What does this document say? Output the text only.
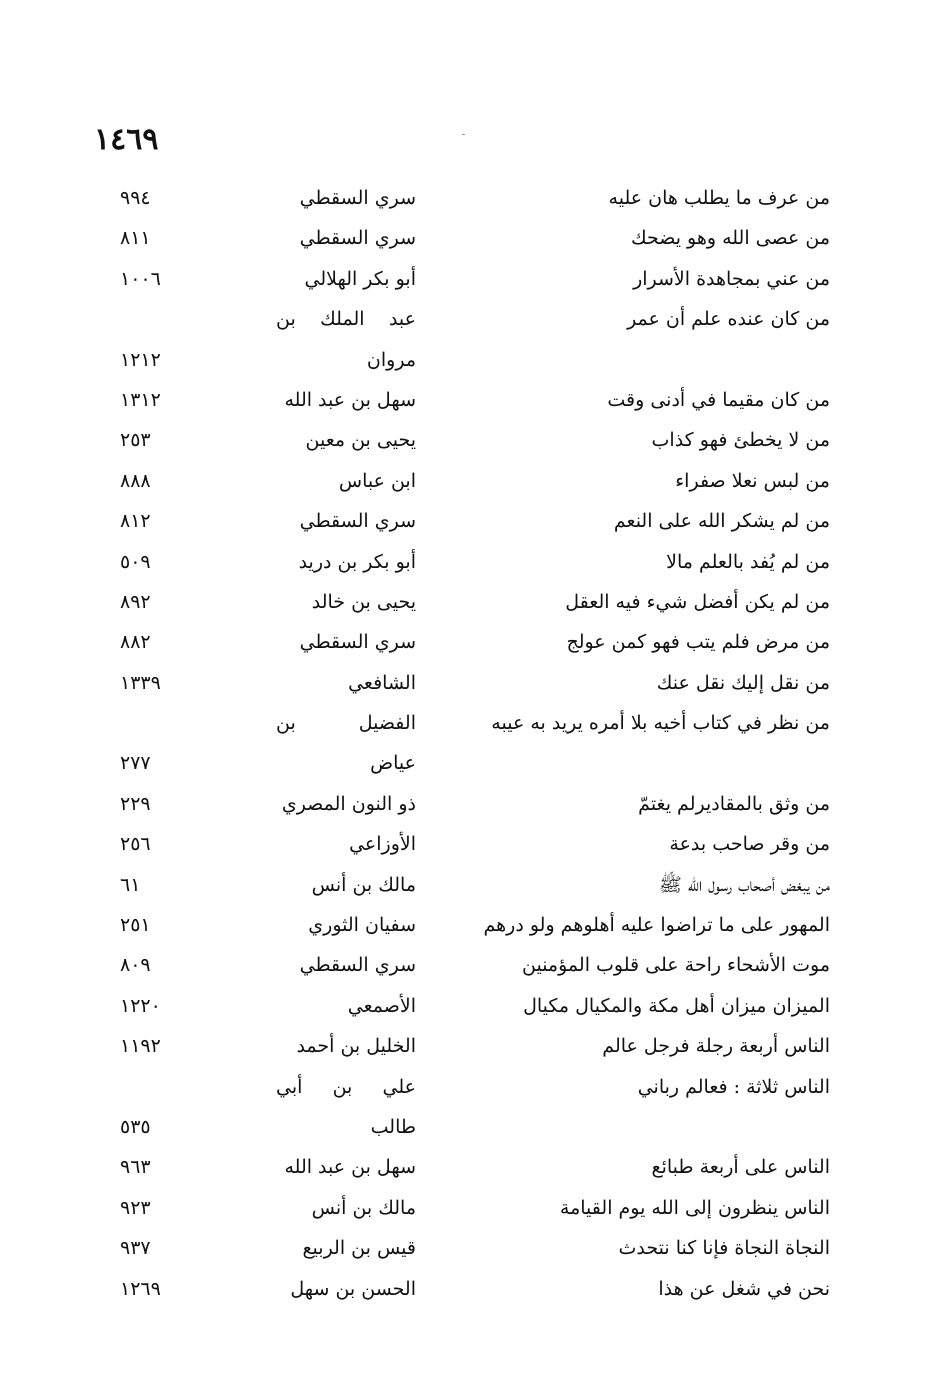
١٤٦٩
من عرف ما يطلب هان عليه
سري السقطي
٩٩٤
من عصى الله وهو يضحك
سري السقطي
٨١١
من عني بمجاهدة الأسرار
أبو بكر الهلالي
١٠٠٦
من كان عنده علم أن عمر
عبد الملك بن
مروان
١٢١٢
من كان مقيما في أدنى وقت
سهل بن عبد الله
١٣١٢
من لا يخطئ فهو كذاب
يحيى بن معين
٢٥٣
من لبس نعلا صفراء
ابن عباس
٨٨٨
من لم يشكر الله على النعم
سري السقطي
٨١٢
من لم يُفد بالعلم مالا
أبو بكر بن دريد
٥٠٩
من لم يكن أفضل شيء فيه العقل
يحيى بن خالد
٨٩٢
من مرض فلم يتب فهو كمن عولج
سري السقطي
٨٨٢
من نقل إليك نقل عنك
الشافعي
١٣٣٩
من نظر في كتاب أخيه بلا أمره يريد به عيبه
الفضيل بن
عياض
٢٧٧
من وثق بالمقاديرلم يغتمّ
ذو النون المصري
٢٢٩
من وقر صاحب بدعة
الأوزاعي
٢٥٦
من يبغض أصحاب رسول الله ﷺ
مالك بن أنس
٦١
المهور على ما تراضوا عليه أهلوهم ولو درهم
سفيان الثوري
٢٥١
موت الأشحاء راحة على قلوب المؤمنين
سري السقطي
٨٠٩
الميزان ميزان أهل مكة والمكيال مكيال
الأصمعي
١٢٢٠
الناس أربعة رجلة فرجل عالم
الخليل بن أحمد
١١٩٢
الناس ثلاثة : فعالم رباني
علي بن أبي
طالب
٥٣٥
الناس على أربعة طبائع
سهل بن عبد الله
٩٦٣
الناس ينظرون إلى الله يوم القيامة
مالك بن أنس
٩٢٣
النجاة النجاة فإنا كنا نتحدث
قيس بن الربيع
٩٣٧
نحن في شغل عن هذا
الحسن بن سهل
١٢٦٩
